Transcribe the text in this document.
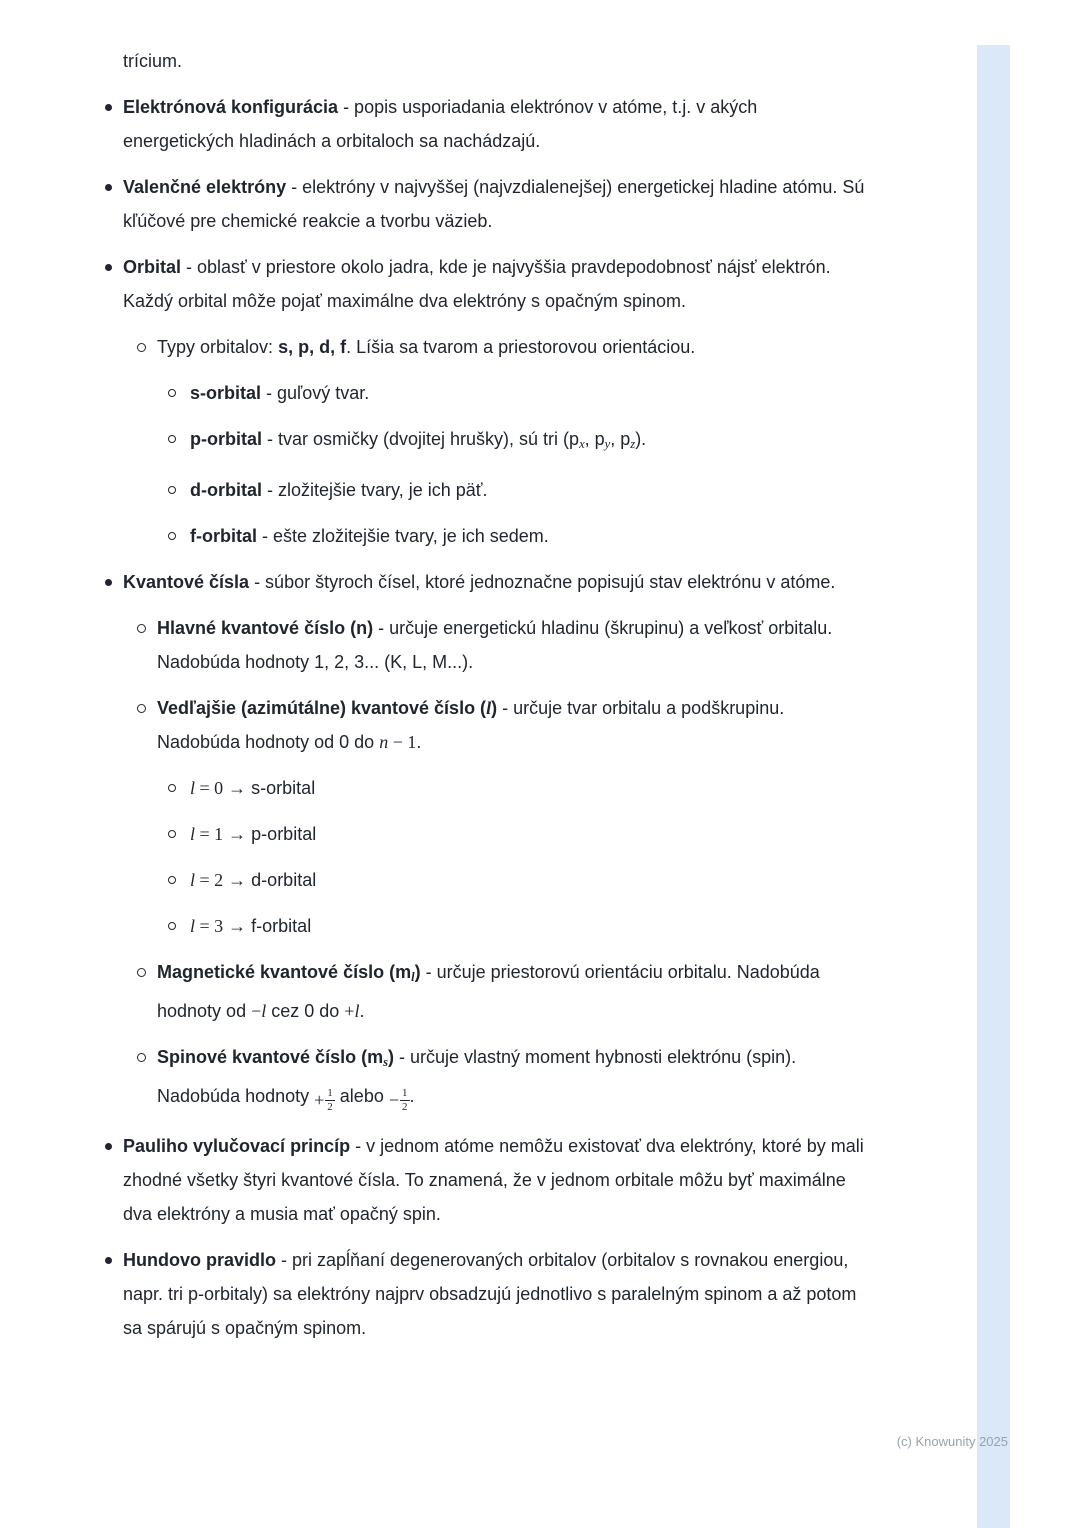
trícium.
Elektrónová konfigurácia - popis usporiadania elektrónov v atóme, t.j. v akých energetických hladinách a orbitaloch sa nachádzajú.
Valenčné elektróny - elektróny v najvyššej (najvzdialenejšej) energetickej hladine atómu. Sú kľúčové pre chemické reakcie a tvorbu väzieb.
Orbital - oblasť v priestore okolo jadra, kde je najvyššia pravdepodobnosť nájsť elektrón. Každý orbital môže pojať maximálne dva elektróny s opačným spinom.
Typy orbitalov: s, p, d, f. Líšia sa tvarom a priestorovou orientáciou.
s-orbital - guľový tvar.
p-orbital - tvar osmičky (dvojitej hrušky), sú tri ($p_x$, $p_y$, $p_z$).
d-orbital - zložitejšie tvary, je ich päť.
f-orbital - ešte zložitejšie tvary, je ich sedem.
Kvantové čísla - súbor štyroch čísel, ktoré jednoznačne popisujú stav elektrónu v atóme.
Hlavné kvantové číslo (n) - určuje energetickú hladinu (škrupinu) a veľkosť orbitalu. Nadobúda hodnoty 1, 2, 3... (K, L, M...).
Vedľajšie (azimútálne) kvantové číslo (l) - určuje tvar orbitalu a podškrupinu. Nadobúda hodnoty od 0 do n − 1.
l = 0 → s-orbital
l = 1 → p-orbital
l = 2 → d-orbital
l = 3 → f-orbital
Magnetické kvantové číslo $(m_l)$ - určuje priestorovú orientáciu orbitalu. Nadobúda hodnoty od −l cez 0 do +l.
Spinové kvantové číslo $(m_s)$ - určuje vlastný moment hybnosti elektrónu (spin). Nadobúda hodnoty + $\frac{1}{2}$ alebo − $\frac{1}{2}$ .
Pauliho vylučovací princíp - v jednom atóme nemôžu existovať dva elektróny, ktoré by mali zhodné všetky štyri kvantové čísla. To znamená, že v jednom orbitale môžu byť maximálne dva elektróny a musia mať opačný spin.
Hundovo pravidlo - pri zapĺňaní degenerovaných orbitalov (orbitalov s rovnakou energiou, napr. tri p-orbitaly) sa elektróny najprv obsadzujú jednotlivo s paralelným spinom a až potom sa spárujú s opačným spinom.
(c) Knowunity 2025
